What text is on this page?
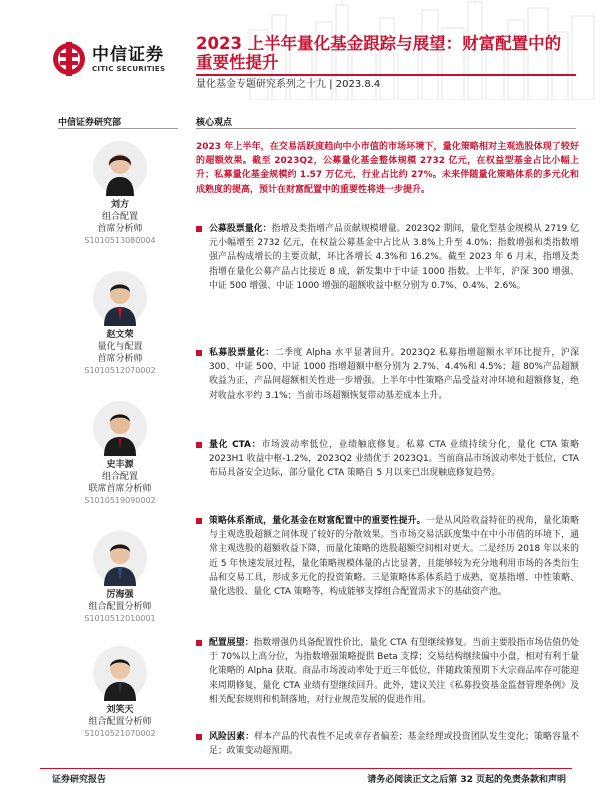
中信证券
CITIC SECURITIES
2023 上半年量化基金跟踪与展望：财富配置中的重要性提升
量化基金专题研究系列之十九 | 2023.8.4
中信证券研究部
刘方
组合配置
首席分析师
S1010513080004
赵文荣
量化与配置
首席分析师
S1010512070002
史丰源
组合配置
联席首席分析师
S1010519090002
厉海强
组合配置分析师
S1010512010001
刘笑天
组合配置分析师
S1010521070002
核心观点
2023 年上半年，在交易活跃度趋向中小市值的市场环境下，量化策略相对主观选股体现了较好的超额效果。截至 2023Q2，公募量化基金整体规模 2732 亿元，在权益型基金占比小幅上升；私募量化基金规模约 1.57 万亿元，行业占比约 27%。未来伴随量化策略体系的多元化和成熟度的提高，预计在财富配置中的重要性将进一步提升。
公募股票量化：指增及类指增产品贡献规模增量。2023Q2 期间，量化型基金规模从 2719 亿元小幅增至 2732 亿元，在权益公募基金中占比从 3.8%上升至 4.0%；指数增强和类指数增强产品构成增长的主要贡献，环比各增长 4.3%和 16.2%。截至 2023 年 6 月末，指增及类指增在量化公募产品占比接近 8 成，新发集中于中证 1000 指数。上半年，沪深 300 增强、中证 500 增强、中证 1000 增强的超额收益中枢分别为 0.7%、0.4%、2.6%。
私募股票量化：二季度 Alpha 水平显著回升。2023Q2 私募指增超额水平环比提升，沪深 300、中证 500、中证 1000 指增超额中枢分别为 2.7%、4.4%和 4.5%；超 80%产品超额收益为正，产品间超额相关性进一步增强。上半年中性策略产品受益对冲环境和超额修复，绝对收益水平约 3.1%；当前市场超额恢复带动基差成本上升。
量化 CTA：市场波动率低位，业绩触底修复。私募 CTA 业绩持续分化，量化 CTA 策略 2023H1 收益中枢-1.2%，2023Q2 业绩优于 2023Q1。当前商品市场波动率处于低位，CTA 布局具备安全边际，部分量化 CTA 策略自 5 月以来已出现触底修复趋势。
策略体系渐成，量化基金在财富配置中的重要性提升。一是从风险收益特征的视角，量化策略与主观选股超额之间体现了较好的分散效果。当市场交易活跃度集中在中小市值的环境下，通常主观选股的超额收益下降，而量化策略的选股超额空间相对更大。二是经历 2018 年以来的近 5 年快速发展过程，量化策略规模体量的占比显著，且能够较为充分地利用市场的各类衍生品和交易工具，形成多元化的投资策略。三是策略体系体系趋于成熟，宽基指增、中性策略、量化选股、量化 CTA 策略等，构成能够支撑组合配置需求下的基础资产池。
配置展望：指数增强仍具备配置性价比，量化 CTA 有望继续修复。当前主要股指市场估值仍处于 70%以上高分位，为指数增强策略提供 Beta 支撑；交易结构继续偏中小盘，相对有利于量化策略的 Alpha 获取。商品市场波动率处于近三年低位，伴随政策预期下大宗商品库存可能迎来周期修复，量化 CTA 业绩有望继续回升。此外，建议关注《私募投资基金监督管理条例》及相关配套规则和机制落地，对行业规范发展的促进作用。
风险因素：样本产品的代表性不足或幸存者偏差；基金经理或投资团队发生变化；策略容量不足；政策变动超预期。
证券研究报告	请务必阅读正文之后第 32 页起的免责条款和声明
